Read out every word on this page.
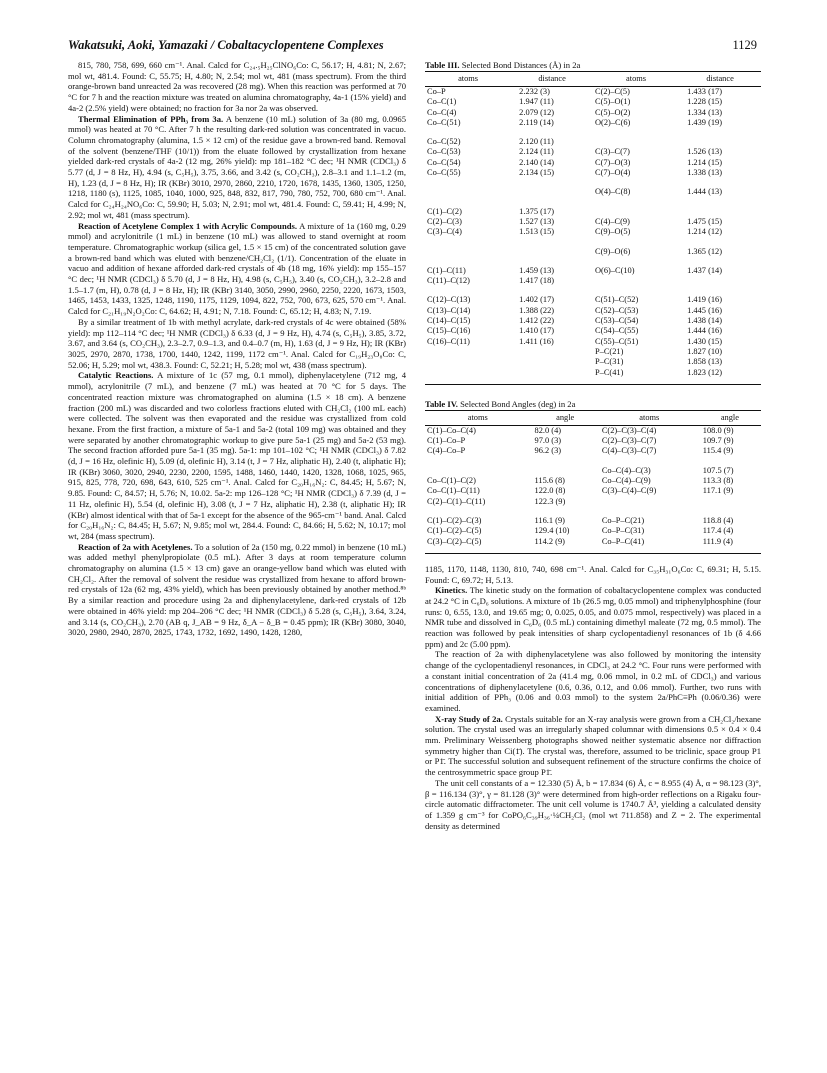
Wakatsuki, Aoki, Yamazaki / Cobaltacyclopentene Complexes	1129

815, 780, 758, 699, 660 cm⁻¹. Anal. Calcd for C₂₄.₅H₂₅ClNO₆Co: C, 56.17; H, 4.81; N, 2.67; mol wt, 481.4. Found: C, 55.75; H, 4.80; N, 2.54; mol wt, 481 (mass spectrum). From the third orange-brown band unreacted 2a was recovered (28 mg). When this reaction was performed at 70 °C for 7 h and the reaction mixture was treated on alumina chromatography, 4a-1 (15% yield) and 4a-2 (2.5% yield) were obtained; no fraction for 3a nor 2a was observed.

Thermal Elimination of PPh₃ from 3a. A benzene (10 mL) solution of 3a (80 mg, 0.0965 mmol) was heated at 70 °C. After 7 h the resulting dark-red solution was concentrated in vacuo. Column chromatography (alumina, 1.5 × 12 cm) of the residue gave a brown-red band. Removal of the solvent (benzene/THF (10/1)) from the eluate followed by crystallization from hexane yielded dark-red crystals of 4a-2 (12 mg, 26% yield): mp 181–182 °C dec; ¹H NMR (CDCl₃) δ 5.77 (d, J = 8 Hz, H), 4.94 (s, C₅H₅), 3.75, 3.66, and 3.42 (s, CO₂CH₃), 2.8–3.1 and 1.1–1.2 (m, H), 1.23 (d, J = 8 Hz, H); IR (KBr) 3010, 2970, 2860, 2210, 1720, 1678, 1435, 1360, 1305, 1250, 1218, 1180 (s), 1125, 1085, 1040, 1000, 925, 848, 832, 817, 790, 780, 752, 700, 680 cm⁻¹. Anal. Calcd for C₂₄H₂₄NO₆Co: C, 59.90; H, 5.03; N, 2.91; mol wt, 481.4. Found: C, 59.41; H, 4.99; N, 2.92; mol wt, 481 (mass spectrum).

Reaction of Acetylene Complex 1 with Acrylic Compounds. A mixture of 1a (160 mg, 0.29 mmol) and acrylonitrile (1 mL) in benzene (10 mL) was allowed to stand overnight at room temperature. Chromatographic workup (silica gel, 1.5 × 15 cm) of the concentrated solution gave a brown-red band which was eluted with benzene/CH₂Cl₂ (1/1). Concentration of the eluate in vacuo and addition of hexane afforded dark-red crystals of 4b (18 mg, 16% yield): mp 155–157 °C dec; ¹H NMR (CDCl₃) δ 5.70 (d, J = 8 Hz, H), 4.98 (s, C₅H₅), 3.40 (s, CO₂CH₃), 3.2–2.8 and 1.5–1.7 (m, H), 0.78 (d, J = 8 Hz, H); IR (KBr) 3140, 3050, 2990, 2960, 2250, 2220, 1673, 1503, 1465, 1453, 1433, 1325, 1248, 1190, 1175, 1129, 1094, 822, 752, 700, 673, 625, 570 cm⁻¹. Anal. Calcd for C₂₁H₁₉N₂O₂Co: C, 64.62; H, 4.91; N, 7.18. Found: C, 65.12; H, 4.83; N, 7.19.

By a similar treatment of 1b with methyl acrylate, dark-red crystals of 4c were obtained (58% yield): mp 112–114 °C dec; ¹H NMR (CDCl₃) δ 6.33 (d, J = 9 Hz, H), 4.74 (s, C₅H₅), 3.85, 3.72, 3.67, and 3.64 (s, CO₂CH₃), 2.3–2.7, 0.9–1.3, and 0.4–0.7 (m, H), 1.63 (d, J = 9 Hz, H); IR (KBr) 3025, 2970, 2870, 1738, 1700, 1440, 1242, 1199, 1172 cm⁻¹. Anal. Calcd for C₁₉H₂₃O₈Co: C, 52.06; H, 5.29; mol wt, 438.3. Found: C, 52.21; H, 5.28; mol wt, 438 (mass spectrum).

Catalytic Reactions. A mixture of 1c (57 mg, 0.1 mmol), diphenylacetylene (712 mg, 4 mmol), acrylonitrile (7 mL), and benzene (7 mL) was heated at 70 °C for 5 days. The concentrated reaction mixture was chromatographed on alumina (1.5 × 18 cm). A benzene fraction (200 mL) was discarded and two colorless fractions eluted with CH₂Cl₂ (100 mL each) were collected. The solvent was then evaporated and the residue was crystallized from cold hexane. From the first fraction, a mixture of 5a-1 and 5a-2 (total 109 mg) was obtained and they were separated by another chromatographic workup to give pure 5a-1 (25 mg) and 5a-2 (53 mg). The second fraction afforded pure 5a-1 (35 mg). 5a-1: mp 101–102 °C; ¹H NMR (CDCl₃) δ 7.82 (d, J = 16 Hz, olefinic H), 5.09 (d, olefinic H), 3.14 (t, J = 7 Hz, aliphatic H), 2.40 (t, aliphatic H); IR (KBr) 3060, 3020, 2940, 2230, 2200, 1595, 1488, 1460, 1440, 1420, 1328, 1068, 1025, 965, 915, 825, 778, 720, 698, 643, 610, 525 cm⁻¹. Anal. Calcd for C₂₀H₁₆N₂: C, 84.45; H, 5.67; N, 9.85. Found: C, 84.57; H, 5.76; N, 10.02. 5a-2: mp 126–128 °C; ¹H NMR (CDCl₃) δ 7.39 (d, J = 11 Hz, olefinic H), 5.54 (d, olefinic H), 3.08 (t, J = 7 Hz, aliphatic H), 2.38 (t, aliphatic H); IR (KBr) almost identical with that of 5a-1 except for the absence of the 965-cm⁻¹ band. Anal. Calcd for C₂₀H₁₆N₂: C, 84.45; H, 5.67; N, 9.85; mol wt, 284.4. Found: C, 84.66; H, 5.62; N, 10.17; mol wt, 284 (mass spectrum).

Reaction of 2a with Acetylenes. To a solution of 2a (150 mg, 0.22 mmol) in benzene (10 mL) was added methyl phenylpropiolate (0.5 mL). After 3 days at room temperature column chromatography on alumina (1.5 × 13 cm) gave an orange-yellow band which was eluted with CH₂Cl₂. After the removal of solvent the residue was crystallized from hexane to afford brown-red crystals of 12a (62 mg, 43% yield), which has been previously obtained by another method.⁸ᵇ By a similar reaction and procedure using 2a and diphenylacetylene, dark-red crystals of 12b were obtained in 46% yield: mp 204–206 °C dec; ¹H NMR (CDCl₃) δ 5.28 (s, C₅H₅), 3.64, 3.24, and 3.14 (s, CO₂CH₃), 2.70 (AB q, J_AB = 9 Hz, δ_A − δ_B = 0.45 ppm); IR (KBr) 3080, 3040, 3020, 2980, 2940, 2870, 2825, 1743, 1732, 1692, 1490, 1428, 1280,

Table III. Selected Bond Distances (Å) in 2a

atoms	distance	atoms	distance
Co–P	2.232 (3)	C(2)–C(5)	1.433 (17)
Co–C(1)	1.947 (11)	C(5)–O(1)	1.228 (15)
Co–C(4)	2.079 (12)	C(5)–O(2)	1.334 (13)
Co–C(51)	2.119 (14)	O(2)–C(6)	1.439 (19)

Co–C(52)	2.120 (11)		
Co–C(53)	2.124 (11)	C(3)–C(7)	1.526 (13)
Co–C(54)	2.140 (14)	C(7)–O(3)	1.214 (15)
Co–C(55)	2.134 (15)	C(7)–O(4)	1.338 (13)

		O(4)–C(8)	1.444 (13)

C(1)–C(2)	1.375 (17)		
C(2)–C(3)	1.527 (13)	C(4)–C(9)	1.475 (15)
C(3)–C(4)	1.513 (15)	C(9)–O(5)	1.214 (12)

		C(9)–O(6)	1.365 (12)

C(1)–C(11)	1.459 (13)	O(6)–C(10)	1.437 (14)
C(11)–C(12)	1.417 (18)		

C(12)–C(13)	1.402 (17)	C(51)–C(52)	1.419 (16)
C(13)–C(14)	1.388 (22)	C(52)–C(53)	1.445 (16)
C(14)–C(15)	1.412 (22)	C(53)–C(54)	1.438 (14)
C(15)–C(16)	1.410 (17)	C(54)–C(55)	1.444 (16)
C(16)–C(11)	1.411 (16)	C(55)–C(51)	1.430 (15)
		P–C(21)	1.827 (10)
		P–C(31)	1.858 (13)
		P–C(41)	1.823 (12)

Table IV. Selected Bond Angles (deg) in 2a

atoms	angle	atoms	angle
C(1)–Co–C(4)	82.0 (4)	C(2)–C(3)–C(4)	108.0 (9)
C(1)–Co–P	97.0 (3)	C(2)–C(3)–C(7)	109.7 (9)
C(4)–Co–P	96.2 (3)	C(4)–C(3)–C(7)	115.4 (9)

		Co–C(4)–C(3)	107.5 (7)
Co–C(1)–C(2)	115.6 (8)	Co–C(4)–C(9)	113.3 (8)
Co–C(1)–C(11)	122.0 (8)	C(3)–C(4)–C(9)	117.1 (9)
C(2)–C(1)–C(11)	122.3 (9)		

C(1)–C(2)–C(3)	116.1 (9)	Co–P–C(21)	118.8 (4)
C(1)–C(2)–C(5)	129.4 (10)	Co–P–C(31)	117.4 (4)
C(3)–C(2)–C(5)	114.2 (9)	Co–P–C(41)	111.9 (4)

1185, 1170, 1148, 1130, 810, 740, 698 cm⁻¹. Anal. Calcd for C₃₅H₃₁O₆Co: C, 69.31; H, 5.15. Found: C, 69.72; H, 5.13.

Kinetics. The kinetic study on the formation of cobaltacyclopentene complex was conducted at 24.2 °C in C₆D₆ solutions. A mixture of 1b (26.5 mg, 0.05 mmol) and triphenylphosphine (four runs: 0, 6.55, 13.0, and 19.65 mg; 0, 0.025, 0.05, and 0.075 mmol, respectively) was placed in a NMR tube and dissolved in C₆D₆ (0.5 mL) containing dimethyl maleate (72 mg, 0.5 mmol). The reaction was followed by peak intensities of sharp cyclopentadienyl resonances of 1b (δ 4.66 ppm) and 2c (5.00 ppm).

The reaction of 2a with diphenylacetylene was also followed by monitoring the intensity change of the cyclopentadienyl resonances, in CDCl₃ at 24.2 °C. Four runs were performed with a constant initial concentration of 2a (41.4 mg, 0.06 mmol, in 0.2 mL of CDCl₃) and various concentrations of diphenylacetylene (0.6, 0.36, 0.12, and 0.06 mmol). Further, two runs with initial addition of PPh₃ (0.06 and 0.03 mmol) to the system 2a/PhC≡Ph (0.06/0.36) were examined.

X-ray Study of 2a. Crystals suitable for an X-ray analysis were grown from a CH₂Cl₂/hexane solution. The crystal used was an irregularly shaped columnar with dimensions 0.5 × 0.4 × 0.4 mm. Preliminary Weissenberg photographs showed neither systematic absence nor diffraction symmetry higher than Ci(1̄). The crystal was, therefore, assumed to be triclinic, space group P1 or P1̄. The successful solution and subsequent refinement of the structure confirms the choice of the centrosymmetric space group P1̄.

The unit cell constants of a = 12.330 (5) Å, b = 17.834 (6) Å, c = 8.955 (4) Å, α = 98.123 (3)°, β = 116.134 (3)°, γ = 81.128 (3)° were determined from high-order reflections on a Rigaku four-circle automatic diffractometer. The unit cell volume is 1740.7 Å³, yielding a calculated density of 1.359 g cm⁻³ for CoPO₆C₃₉H₃₆·¼CH₂Cl₂ (mol wt 711.858) and Z = 2. The experimental density as determined
